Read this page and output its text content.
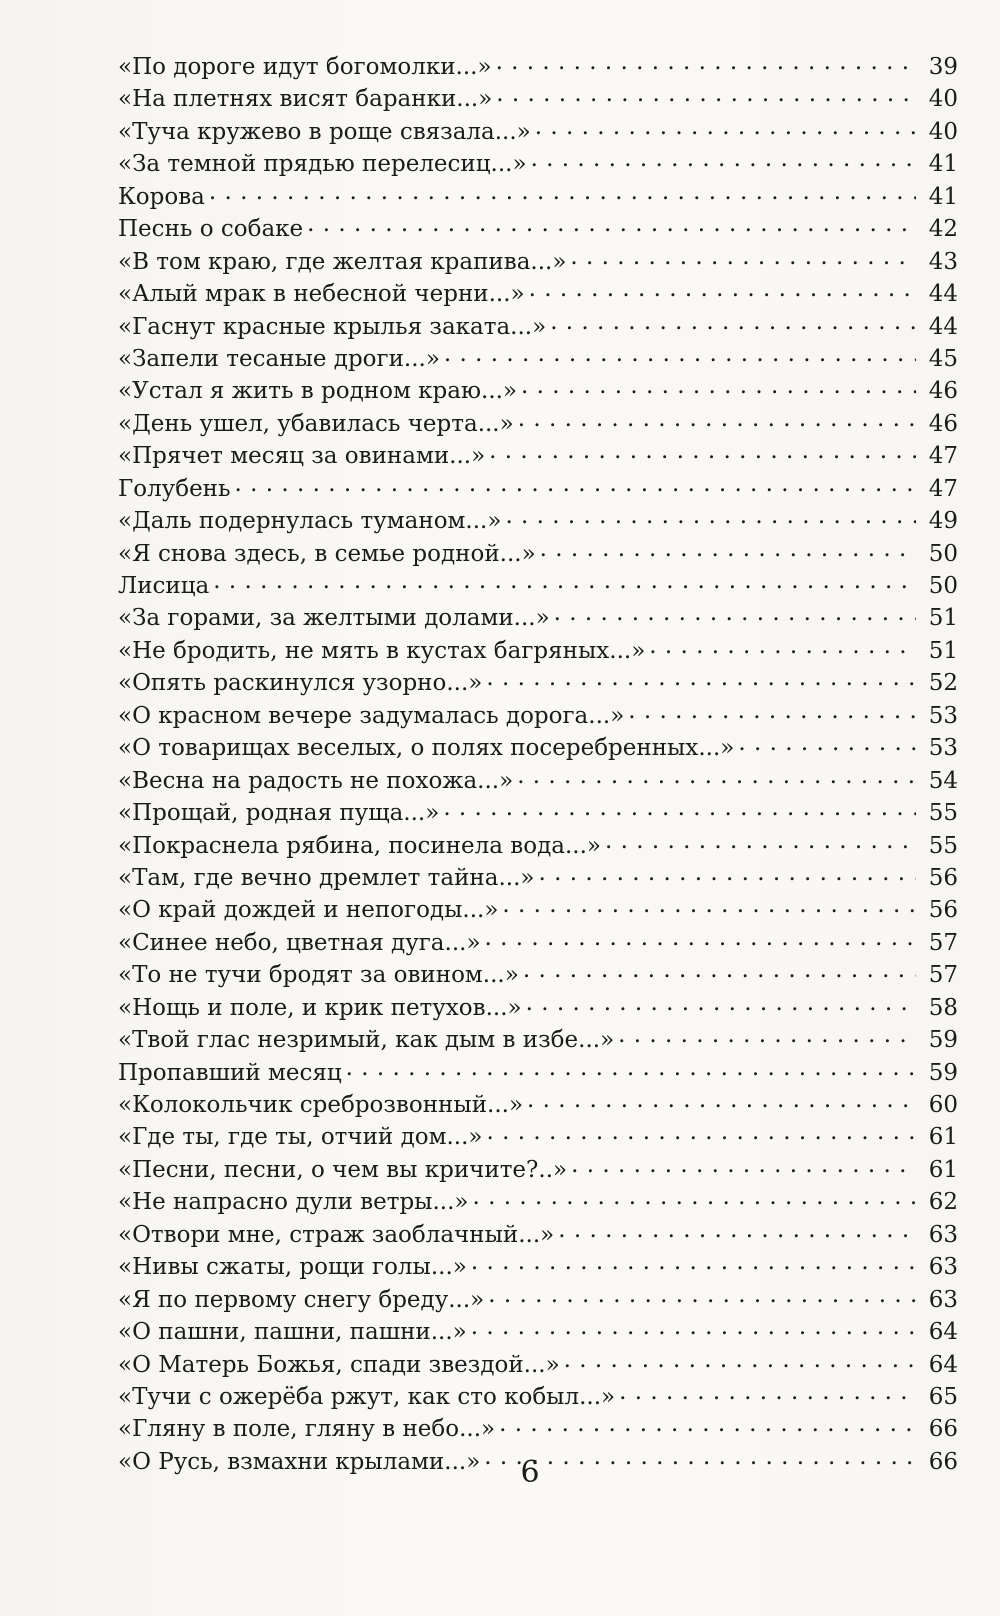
«По дороге идут богомолки...» . . .	39
«На плетнях висят баранки...» . . .	40
«Туча кружево в роще связала...» . . .	40
«За темной прядью перелесиц...» . . .	41
Корова . . .	41
Песнь о собаке . . .	42
«В том краю, где желтая крапива...» . . .	43
«Алый мрак в небесной черни...» . . .	44
«Гаснут красные крылья заката...» . . .	44
«Запели тесаные дроги...» . . .	45
«Устал я жить в родном краю...» . . .	46
«День ушел, убавилась черта...» . . .	46
«Прячет месяц за овинами...» . . .	47
Голубень . . .	47
«Даль подернулась туманом...» . . .	49
«Я снова здесь, в семье родной...» . . .	50
Лисица . . .	50
«За горами, за желтыми долами...» . . .	51
«Не бродить, не мять в кустах багряных...» . . .	51
«Опять раскинулся узорно...» . . .	52
«О красном вечере задумалась дорога...» . . .	53
«О товарищах веселых, о полях посеребренных...» . . .	53
«Весна на радость не похожа...» . . .	54
«Прощай, родная пуща...» . . .	55
«Покраснела рябина, посинела вода...» . . .	55
«Там, где вечно дремлет тайна...» . . .	56
«О край дождей и непогоды...» . . .	56
«Синее небо, цветная дуга...» . . .	57
«То не тучи бродят за овином...» . . .	57
«Нощь и поле, и крик петухов...» . . .	58
«Твой глас незримый, как дым в избе...» . . .	59
Пропавший месяц . . .	59
«Колокольчик среброзвонный...» . . .	60
«Где ты, где ты, отчий дом...» . . .	61
«Песни, песни, о чем вы кричите?..» . . .	61
«Не напрасно дули ветры...» . . .	62
«Отвори мне, страж заоблачный...» . . .	63
«Нивы сжаты, рощи голы...» . . .	63
«Я по первому снегу бреду...» . . .	63
«О пашни, пашни, пашни...» . . .	64
«О Матерь Божья, спади звездой...» . . .	64
«Тучи с ожерёба ржут, как сто кобыл...» . . .	65
«Гляну в поле, гляну в небо...» . . .	66
«О Русь, взмахни крылами...» . . .	66
6
